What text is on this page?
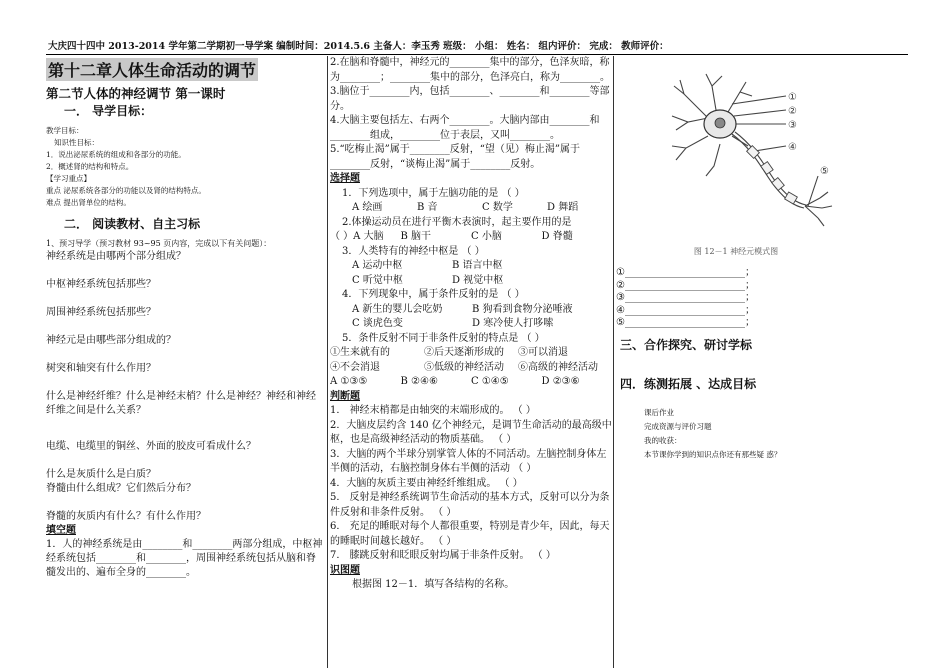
大庆四十四中 2013-2014 学年第二学期初一导学案 编制时间：2014.5.6 主备人：李玉秀 班级： 小组： 姓名： 组内评价： 完成： 教师评价：
第十二章人体生命活动的调节
第二节人体的神经调节 第一课时
一． 导学目标：

教学目标：

知识性目标：

1．说出泌尿系统的组成和各部分的功能。

2．概述肾的结构和特点。

【学习重点】

重点 泌尿系统各部分的功能以及肾的结构特点。

难点 提出肾单位的结构。

二． 阅读教材、自主习标

1、预习导学（预习教材 93~95 页内容，完成以下有关问题）：

神经系统是由哪两个部分组成？

中枢神经系统包括那些？

周围神经系统包括那些？

神经元是由哪些部分组成的？

树突和轴突有什么作用？

什么是神经纤维？什么是神经末梢？什么是神经？神经和神经纤维之间是什么关系？

电缆、电缆里的铜丝、外面的胶皮可看成什么？

什么是灰质什么是白质？

脊髓由什么组成？它们然后分布？

脊髓的灰质内有什么？有什么作用？

填空题

1．人的神经系统是由________和________两部分组成，中枢神经系统包括________和________，周围神经系统包括从脑和脊髓发出的、遍布全身的________。

2.在脑和脊髓中，神经元的________集中的部分，色泽灰暗，称为________；________集中的部分，色泽亮白，称为________。

3.脑位于________内，包括________、________和________等部分。

4.大脑主要包括左、右两个________。大脑内部由________和________组成，________位于表层，又叫________。

5.“吃梅止渴”属于________反射，“望（见）梅止渴”属于________反射，“谈梅止渴”属于________反射。

选择题

1．下列选项中，属于左脑功能的是 （ ）

A 绘画	B 音	C 数学	D 舞蹈

2.体操运动员在进行平衡木表演时，起主要作用的是

（ ）A 大脑	B 脑干	C 小脑	D 脊髓

3．人类特有的神经中枢是 （ ）

A 运动中枢	B 语言中枢

C 听觉中枢	D 视觉中枢

4．下列现象中，属于条件反射的是 （ ）

A 新生的婴儿会吃奶	B 狗看到食物分泌唾液

C 谈虎色变	D 寒冷使人打哆嗦

5．条件反射不同于非条件反射的特点是 （ ）

①生来就有的	②后天逐渐形成的	③可以消退

④不会消退	⑤低级的神经活动	⑥高级的神经活动

A ①③⑤	B ②④⑥	C ①④⑤	D ②③⑥

判断题

1． 神经末梢都是由轴突的末端形成的。 （ ）

2．大脑皮层约含 140 亿个神经元，是调节生命活动的最高级中枢，也是高级神经活动的物质基础。 （ ）

3．大脑的两个半球分别掌管人体的不同活动。左脑控制身体左半侧的活动，右脑控制身体右半侧的活动 （ ）

4．大脑的灰质主要由神经纤维组成。 （ ）

5． 反射是神经系统调节生命活动的基本方式，反射可以分为条件反射和非条件反射。 （ ）

6． 充足的睡眠对每个人都很重要，特别是青少年，因此，每天的睡眠时间越长越好。 （ ）

7． 膝跳反射和眨眼反射均属于非条件反射。 （ ）

识图题

根据图 12－1．填写各结构的名称。

①
②
③
④
⑤
图 12－1 神经元模式图

①________________________；

②________________________；

③________________________；

④________________________；

⑤________________________；

三、合作探究、研讨学标
四．练测拓展 、达成目标

课后作业

完成资源与评价习题

我的收获：

本节课你学到的知识点你还有那些疑 惑？
